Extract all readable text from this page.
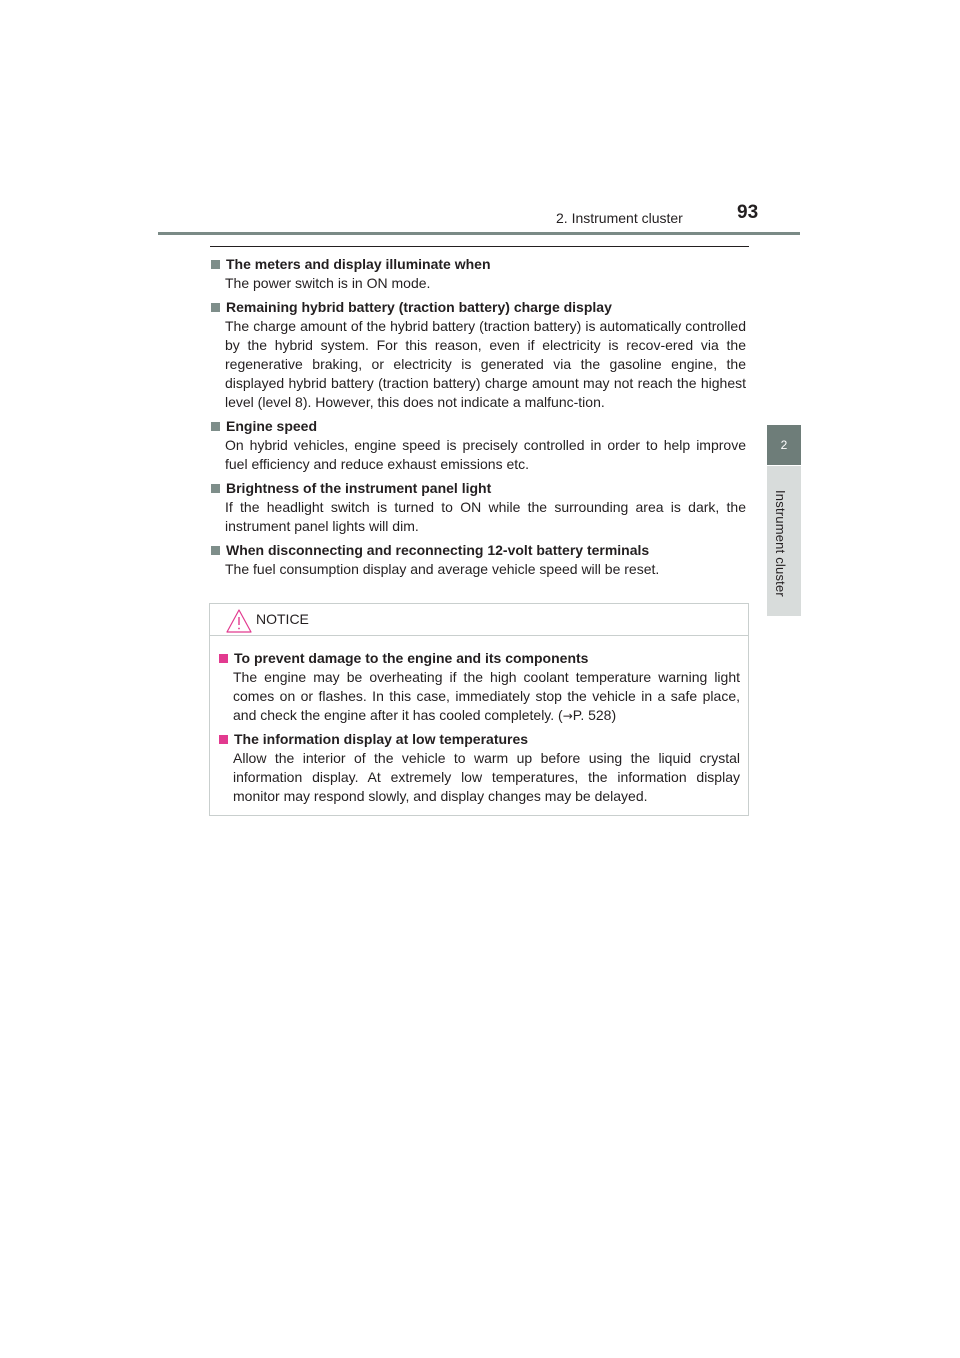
2. Instrument cluster	93
2
Instrument cluster
The meters and display illuminate when
The power switch is in ON mode.
Remaining hybrid battery (traction battery) charge display
The charge amount of the hybrid battery (traction battery) is automatically controlled by the hybrid system. For this reason, even if electricity is recov-ered via the regenerative braking, or electricity is generated via the gasoline engine, the displayed hybrid battery (traction battery) charge amount may not reach the highest level (level 8). However, this does not indicate a malfunc-tion.
Engine speed
On hybrid vehicles, engine speed is precisely controlled in order to help improve fuel efficiency and reduce exhaust emissions etc.
Brightness of the instrument panel light
If the headlight switch is turned to ON while the surrounding area is dark, the instrument panel lights will dim.
When disconnecting and reconnecting 12-volt battery terminals
The fuel consumption display and average vehicle speed will be reset.
NOTICE
To prevent damage to the engine and its components
The engine may be overheating if the high coolant temperature warning light comes on or flashes. In this case, immediately stop the vehicle in a safe place, and check the engine after it has cooled completely. (→P. 528)
The information display at low temperatures
Allow the interior of the vehicle to warm up before using the liquid crystal information display. At extremely low temperatures, the information display monitor may respond slowly, and display changes may be delayed.
